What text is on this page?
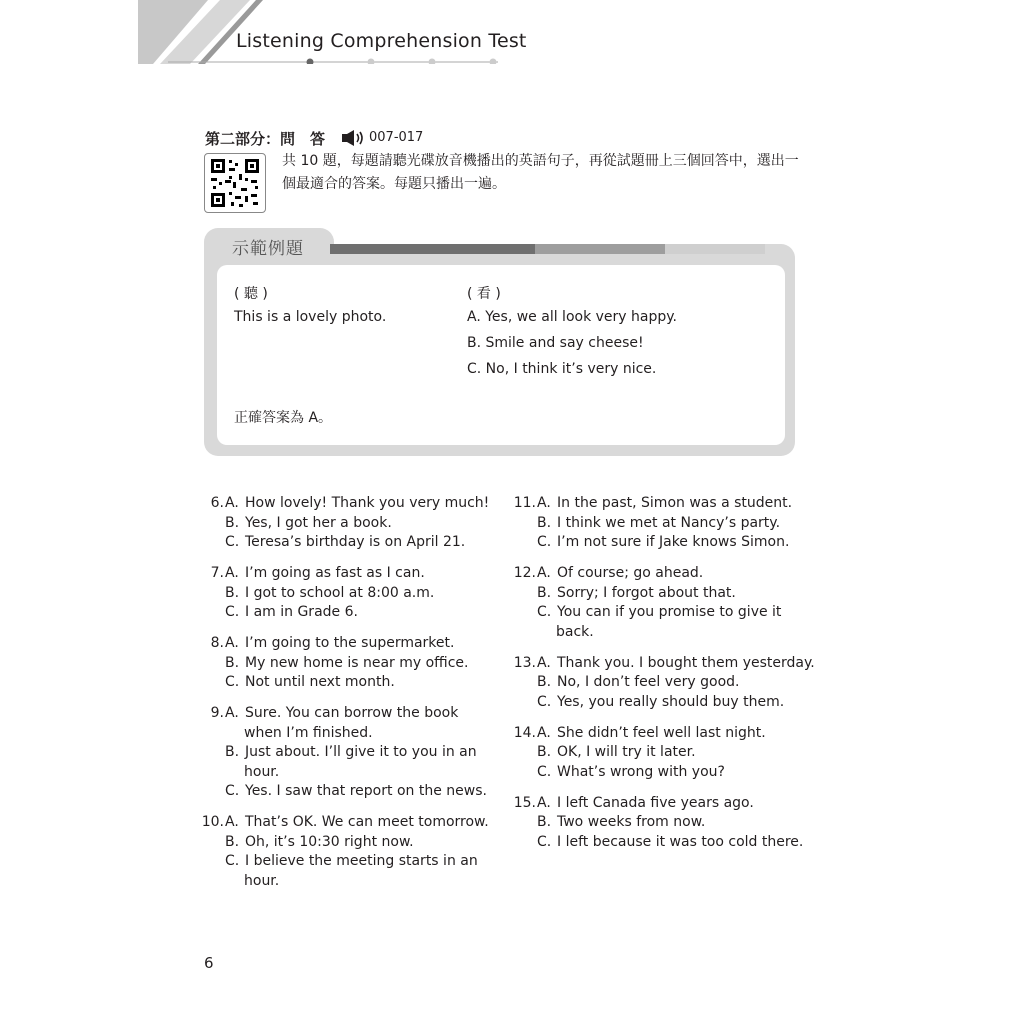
Listening Comprehension Test
第二部分：問　答	007-017
共 10 題，每題請聽光碟放音機播出的英語句子，再從試題冊上三個回答中，選出一個最適合的答案。每題只播出一遍。
示範例題
( 聽 )	( 看 )
This is a lovely photo.	A. Yes, we all look very happy.
B. Smile and say cheese!
C. No, I think it’s very nice.
正確答案為 A。
6. A. How lovely! Thank you very much!
B. Yes, I got her a book.
C. Teresa’s birthday is on April 21.
7. A. I’m going as fast as I can.
B. I got to school at 8:00 a.m.
C. I am in Grade 6.
8. A. I’m going to the supermarket.
B. My new home is near my office.
C. Not until next month.
9. A. Sure. You can borrow the book
when I’m finished.
B. Just about. I’ll give it to you in an
hour.
C. Yes. I saw that report on the news.
10. A. That’s OK. We can meet tomorrow.
B. Oh, it’s 10:30 right now.
C. I believe the meeting starts in an
hour.
11. A. In the past, Simon was a student.
B. I think we met at Nancy’s party.
C. I’m not sure if Jake knows Simon.
12. A. Of course; go ahead.
B. Sorry; I forgot about that.
C. You can if you promise to give it
back.
13. A. Thank you. I bought them yesterday.
B. No, I don’t feel very good.
C. Yes, you really should buy them.
14. A. She didn’t feel well last night.
B. OK, I will try it later.
C. What’s wrong with you?
15. A. I left Canada five years ago.
B. Two weeks from now.
C. I left because it was too cold there.
6
